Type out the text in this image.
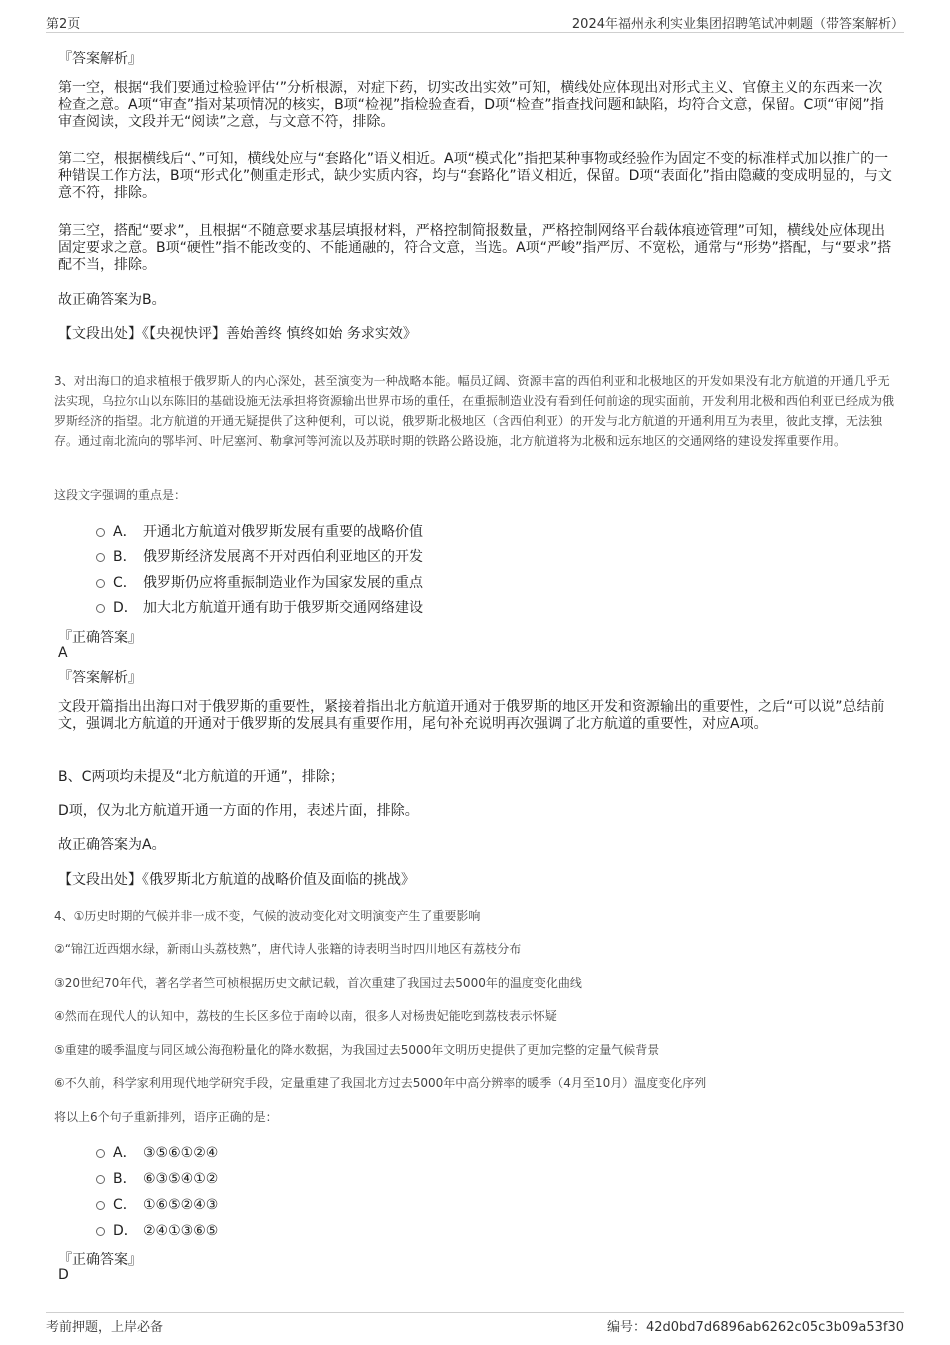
第2页	2024年福州永利实业集团招聘笔试冲刺题（带答案解析）
『答案解析』
第一空，根据“我们要通过检验评估‘”分析根源，对症下药，切实改出实效”可知，横线处应体现出对形式主义、官僚主义的东西来一次检查之意。A项“审查”指对某项情况的核实，B项“检视”指检验查看，D项“检查”指查找问题和缺陷，均符合文意，保留。C项“审阅”指审查阅读，文段并无“阅读”之意，与文意不符，排除。
第二空，根据横线后“、”可知，横线处应与“套路化”语义相近。A项“模式化”指把某种事物或经验作为固定不变的标准样式加以推广的一种错误工作方法，B项“形式化”侧重走形式，缺少实质内容，均与“套路化”语义相近，保留。D项“表面化”指由隐藏的变成明显的，与文意不符，排除。
第三空，搭配“要求”，且根据“不随意要求基层填报材料，严格控制简报数量，严格控制网络平台载体痕迹管理”可知，横线处应体现出固定要求之意。B项“硬性”指不能改变的、不能通融的，符合文意，当选。A项“严峻”指严厉、不宽松，通常与“形势”搭配，与“要求”搭配不当，排除。
故正确答案为B。
【文段出处】《【央视快评】善始善终 慎终如始 务求实效》
3、对出海口的追求植根于俄罗斯人的内心深处，甚至演变为一种战略本能。幅员辽阔、资源丰富的西伯利亚和北极地区的开发如果没有北方航道的开通几乎无法实现，乌拉尔山以东陈旧的基础设施无法承担将资源输出世界市场的重任，在重振制造业没有看到任何前途的现实面前，开发利用北极和西伯利亚已经成为俄罗斯经济的指望。北方航道的开通无疑提供了这种便利，可以说，俄罗斯北极地区（含西伯利亚）的开发与北方航道的开通利用互为表里，彼此支撑，无法独存。通过南北流向的鄂毕河、叶尼塞河、勒拿河等河流以及苏联时期的铁路公路设施，北方航道将为北极和远东地区的交通网络的建设发挥重要作用。
这段文字强调的重点是：
A． 开通北方航道对俄罗斯发展有重要的战略价值
B． 俄罗斯经济发展离不开对西伯利亚地区的开发
C． 俄罗斯仍应将重振制造业作为国家发展的重点
D． 加大北方航道开通有助于俄罗斯交通网络建设
『正确答案』
A
『答案解析』
文段开篇指出出海口对于俄罗斯的重要性，紧接着指出北方航道开通对于俄罗斯的地区开发和资源输出的重要性，之后“可以说”总结前文，强调北方航道的开通对于俄罗斯的发展具有重要作用，尾句补充说明再次强调了北方航道的重要性，对应A项。
B、C两项均未提及“北方航道的开通”，排除；
D项，仅为北方航道开通一方面的作用，表述片面，排除。
故正确答案为A。
【文段出处】《俄罗斯北方航道的战略价值及面临的挑战》
4、①历史时期的气候并非一成不变，气候的波动变化对文明演变产生了重要影响
②“锦江近西烟水绿，新雨山头荔枝熟”，唐代诗人张籍的诗表明当时四川地区有荔枝分布
③20世纪70年代，著名学者竺可桢根据历史文献记载，首次重建了我国过去5000年的温度变化曲线
④然而在现代人的认知中，荔枝的生长区多位于南岭以南，很多人对杨贵妃能吃到荔枝表示怀疑
⑤重建的暖季温度与同区域公海孢粉量化的降水数据，为我国过去5000年文明历史提供了更加完整的定量气候背景
⑥不久前，科学家利用现代地学研究手段，定量重建了我国北方过去5000年中高分辨率的暖季（4月至10月）温度变化序列
将以上6个句子重新排列，语序正确的是：
A． ③⑤⑥①②④
B． ⑥③⑤④①②
C． ①⑥⑤②④③
D． ②④①③⑥⑤
『正确答案』
D
考前押题，上岸必备	编号：42d0bd7d6896ab6262c05c3b09a53f30
